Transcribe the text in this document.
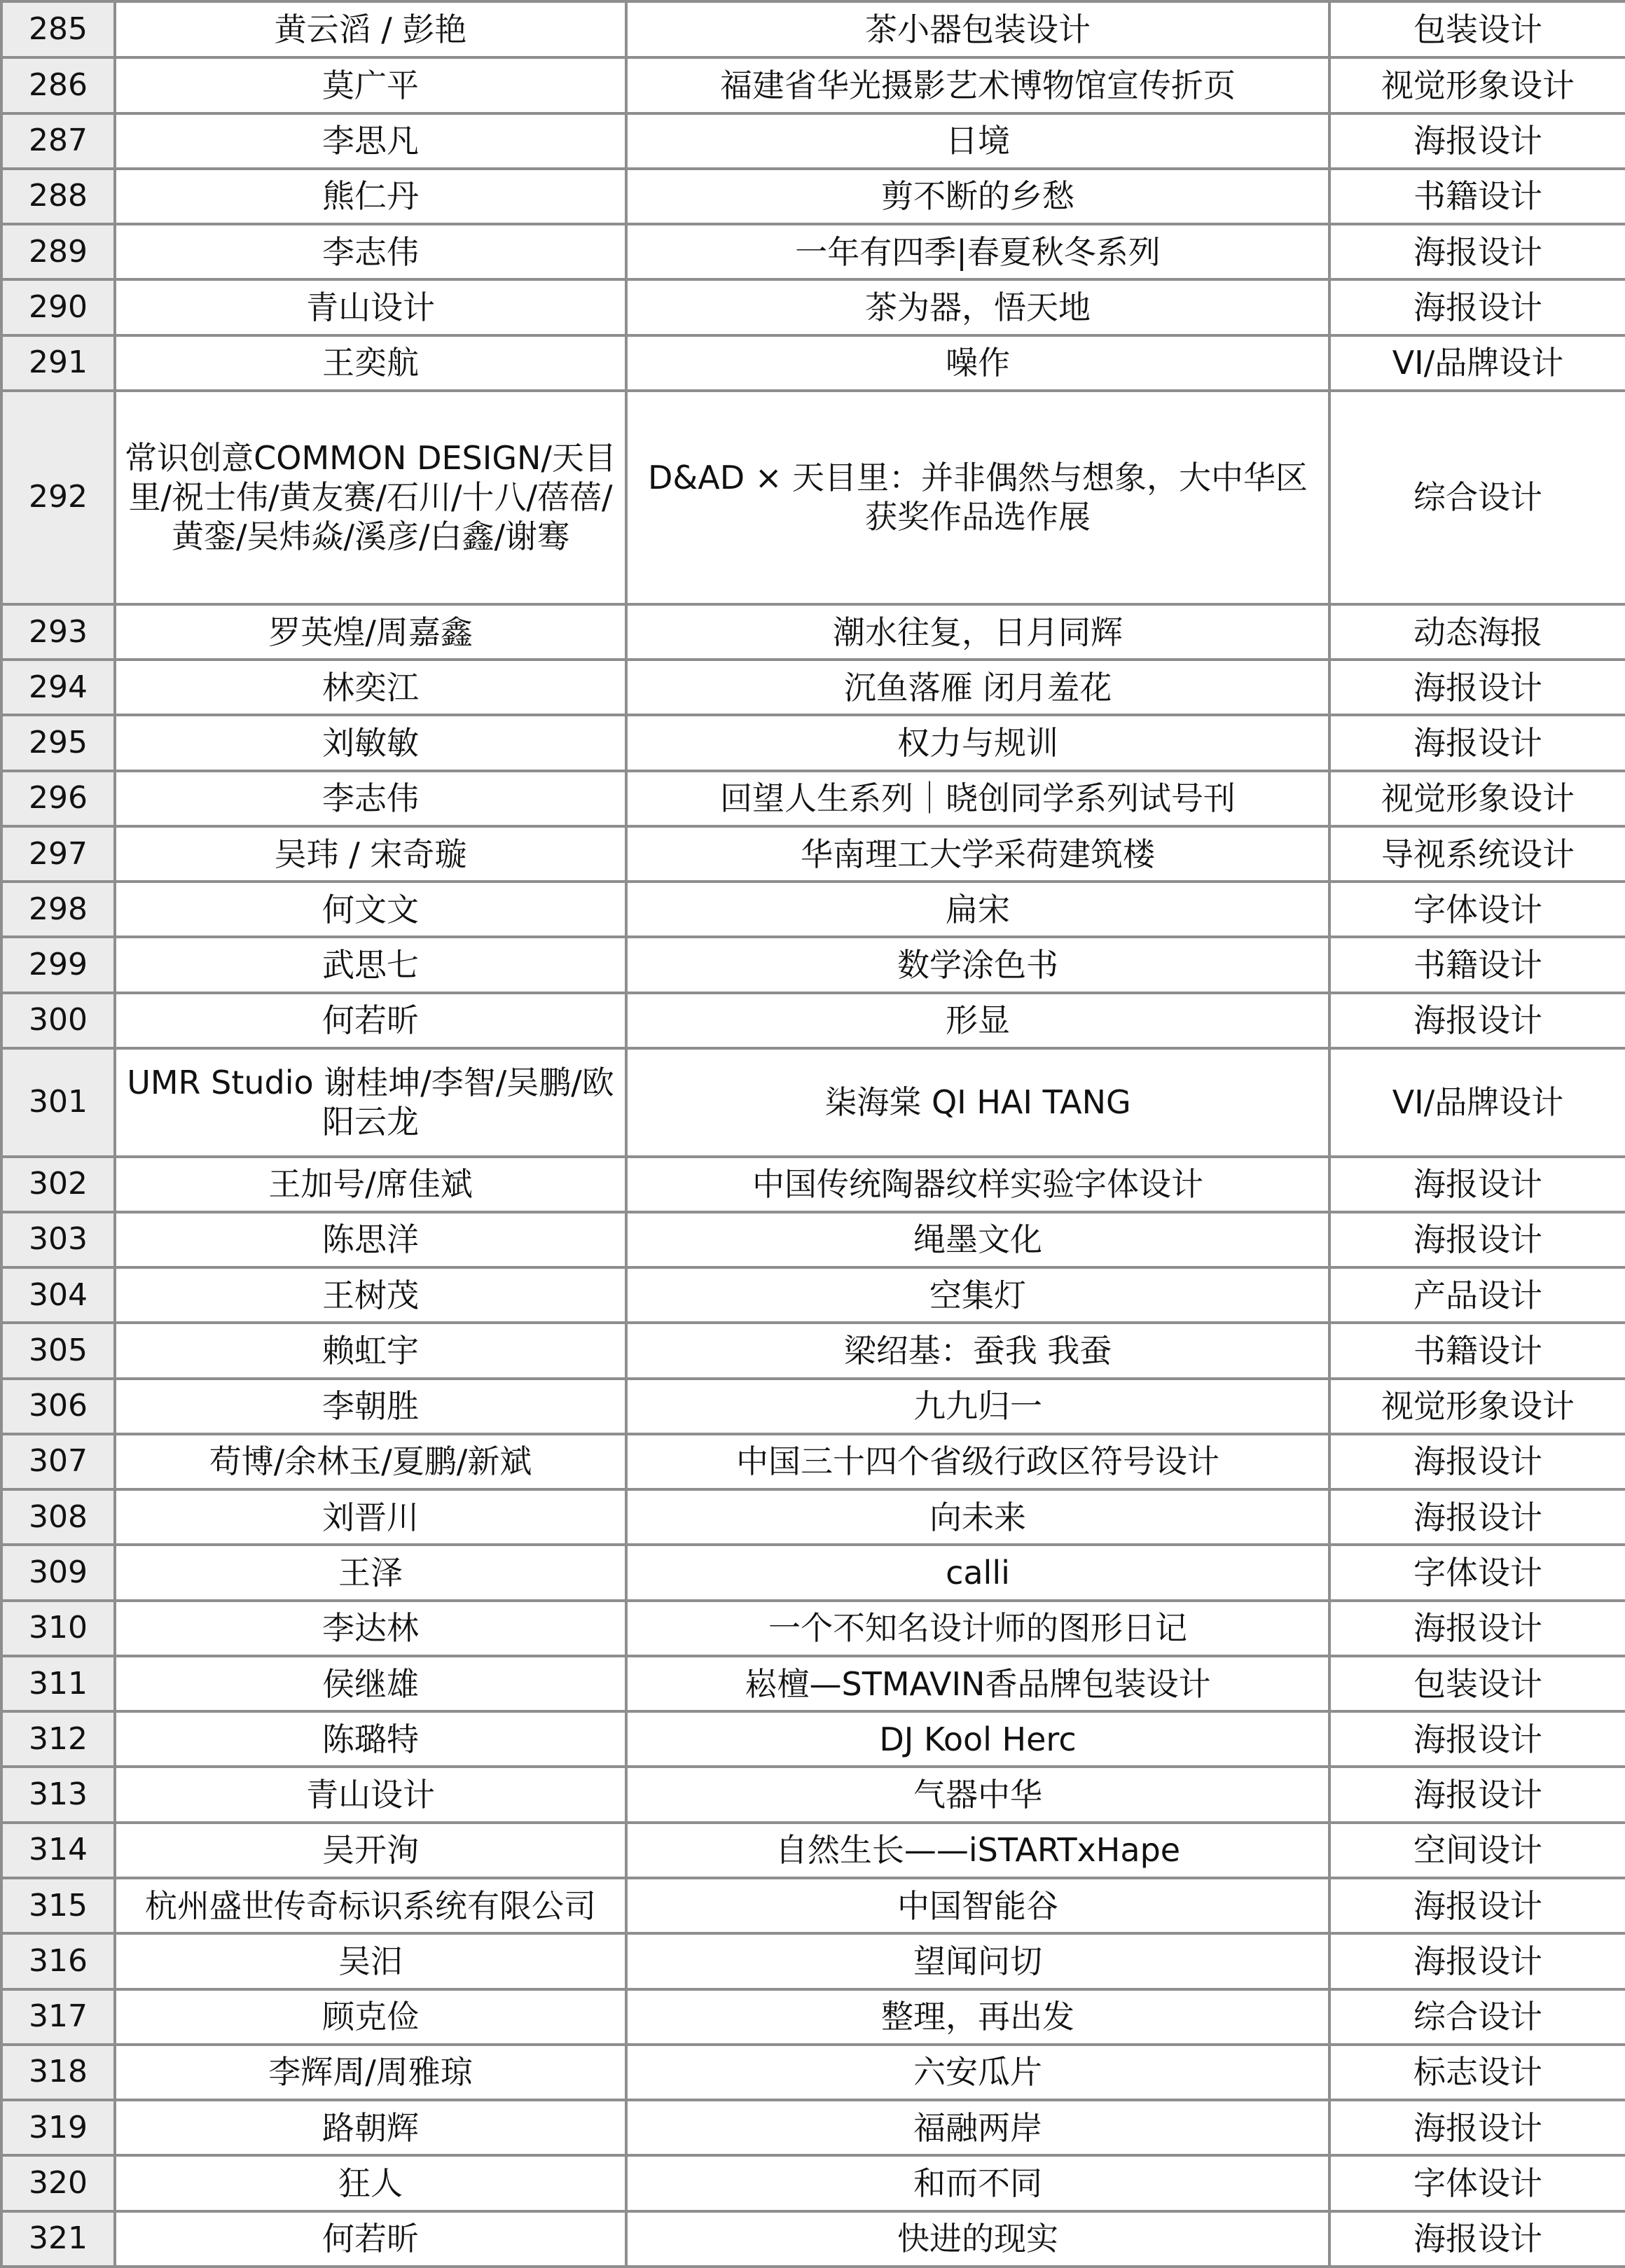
285	黄云滔 / 彭艳	茶小器包装设计	包装设计
286	莫广平	福建省华光摄影艺术博物馆宣传折页	视觉形象设计
287	李思凡	日境	海报设计
288	熊仁丹	剪不断的乡愁	书籍设计
289	李志伟	一年有四季|春夏秋冬系列	海报设计
290	青山设计	茶为器，悟天地	海报设计
291	王奕航	噪作	VI/品牌设计
292	常识创意COMMON DESIGN/天目里/祝士伟/黄友赛/石川/十八/蓓蓓/黄銮/吴炜焱/溪彦/白鑫/谢骞	D&AD × 天目里：并非偶然与想象，大中华区获奖作品选作展	综合设计
293	罗英煌/周嘉鑫	潮水往复，日月同辉	动态海报
294	林奕江	沉鱼落雁 闭月羞花	海报设计
295	刘敏敏	权力与规训	海报设计
296	李志伟	回望人生系列｜晓创同学系列试号刊	视觉形象设计
297	吴玮 / 宋奇璇	华南理工大学采荷建筑楼	导视系统设计
298	何文文	扁宋	字体设计
299	武思七	数学涂色书	书籍设计
300	何若昕	形显	海报设计
301	UMR Studio 谢桂坤/李智/吴鹏/欧阳云龙	柒海棠 QI HAI TANG	VI/品牌设计
302	王加号/席佳斌	中国传统陶器纹样实验字体设计	海报设计
303	陈思洋	绳墨文化	海报设计
304	王树茂	空集灯	产品设计
305	赖虹宇	梁绍基：蚕我 我蚕	书籍设计
306	李朝胜	九九归一	视觉形象设计
307	苟博/余林玉/夏鹏/新斌	中国三十四个省级行政区符号设计	海报设计
308	刘晋川	向未来	海报设计
309	王泽	calli	字体设计
310	李达林	一个不知名设计师的图形日记	海报设计
311	侯继雄	崧檀—STMAVIN香品牌包装设计	包装设计
312	陈璐特	DJ Kool Herc	海报设计
313	青山设计	气器中华	海报设计
314	吴开洵	自然生长——iSTARTxHape	空间设计
315	杭州盛世传奇标识系统有限公司	中国智能谷	海报设计
316	吴汨	望闻问切	海报设计
317	顾克俭	整理，再出发	综合设计
318	李辉周/周雅琼	六安瓜片	标志设计
319	路朝辉	福融两岸	海报设计
320	狂人	和而不同	字体设计
321	何若昕	快进的现实	海报设计
